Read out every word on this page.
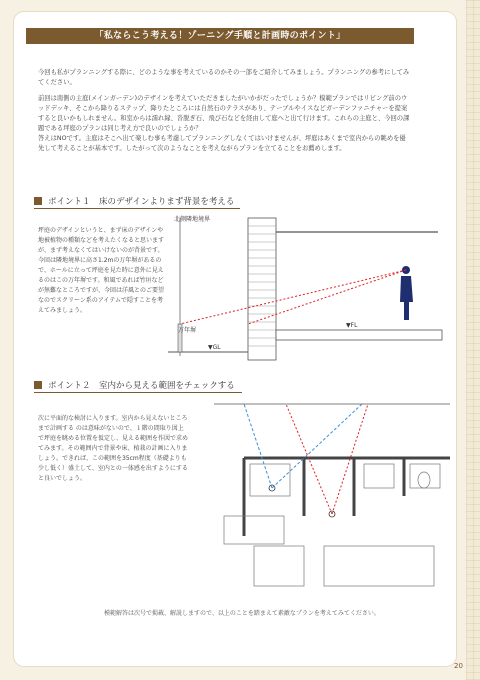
「私ならこう考える！ゾーニング手順と計画時のポイント」

今回も私がプランニングする際に、どのような事を考えているのかその一部をご紹介してみましょう。プランニングの参考にしてみてください。

前回は南側の主庭(メインガーデン)のデザインを考えていただきましたがいかがだったでしょうか？模範プランではリビング前のウッドデッキ、そこから降りるステップ、降りたところには自然石のテラスがあり、テーブルやイスなどガーデンファニチャーを提案すると良いかもしれません。和室からは濡れ縁、沓脱ぎ石、飛び石などを経由して庭へと出て行けます。これらの主庭と、今回の課題である坪庭のプランは同じ考え方で良いのでしょうか？

答えはNOです。主庭はそこへ出て楽しむ事も考慮してプランニングしなくてはいけませんが、坪庭はあくまで室内からの眺めを優先して考えることが基本です。したがって次のようなことを考えながらプランを立てることをお薦めします。

ポイント１　床のデザインよりまず背景を考える
坪庭のデザインというと、まず床のデザインや地被植物の種類などを考えたくなると思いますが、まず考えなくてはいけないのが背景です。今回は隣地境界に高さ1.2mの万年塀があるので、ホールに立って坪庭を見た時に意外に見えるのはこの万年塀です。和風であれば竹垣などが無難なところですが、今回は洋風とのご要望なのでスクリーン系のアイテムで隠すことを考えてみましょう。
北側隣地境界
▼FL
▼GL
万年塀
ポイント２　室内から見える範囲をチェックする
次に平面的な検討に入ります。室内から見えないところまで計画する のは意味がないので、１階の間取り図上で坪庭を眺める位置を仮定し、見える範囲を作図で求めてみます。その範囲内で背景や床、植栽の計画に入りましょう。できれば、この範囲を35cm程度（基礎よりも少し低く）盛土して、室内との一体感を出すようにすると良いでしょう。
模範解答は次号で掲載、解説しますので、以上のことを踏まえて素敵なプランを考えてみてください。
20
